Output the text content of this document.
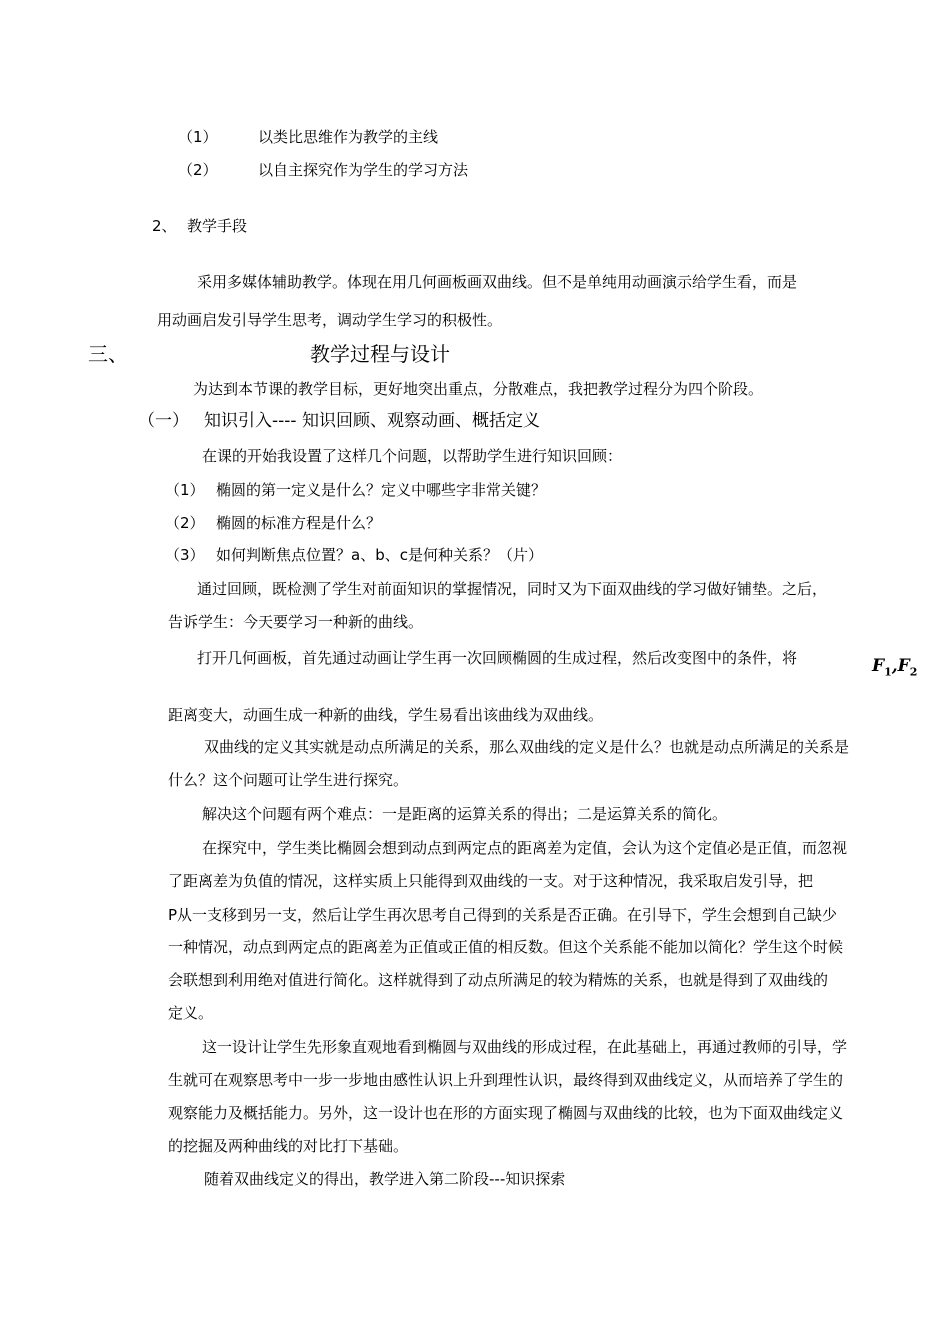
（1）	以类比思维作为教学的主线
（2）	以自主探究作为学生的学习方法
2、 教学手段
采用多媒体辅助教学。体现在用几何画板画双曲线。但不是单纯用动画演示给学生看，而是
用动画启发引导学生思考，调动学生学习的积极性。
三、	教学过程与设计
为达到本节课的教学目标，更好地突出重点，分散难点，我把教学过程分为四个阶段。
（一） 知识引入---- 知识回顾、观察动画、概括定义
在课的开始我设置了这样几个问题，以帮助学生进行知识回顾：
（1） 椭圆的第一定义是什么？定义中哪些字非常关键？
（2） 椭圆的标准方程是什么？
（3） 如何判断焦点位置？a、b、c是何种关系？（片）
通过回顾，既检测了学生对前面知识的掌握情况，同时又为下面双曲线的学习做好铺垫。之后，
告诉学生：今天要学习一种新的曲线。
打开几何画板，首先通过动画让学生再一次回顾椭圆的生成过程，然后改变图中的条件，将	$F_1,F_2$
距离变大，动画生成一种新的曲线，学生易看出该曲线为双曲线。
双曲线的定义其实就是动点所满足的关系，那么双曲线的定义是什么？也就是动点所满足的关系是
什么？这个问题可让学生进行探究。
解决这个问题有两个难点：一是距离的运算关系的得出；二是运算关系的简化。
在探究中，学生类比椭圆会想到动点到两定点的距离差为定值，会认为这个定值必是正值，而忽视
了距离差为负值的情况，这样实质上只能得到双曲线的一支。对于这种情况，我采取启发引导，把
P从一支移到另一支，然后让学生再次思考自己得到的关系是否正确。在引导下，学生会想到自己缺少
一种情况，动点到两定点的距离差为正值或正值的相反数。但这个关系能不能加以简化？学生这个时候
会联想到利用绝对值进行简化。这样就得到了动点所满足的较为精炼的关系，也就是得到了双曲线的
定义。
这一设计让学生先形象直观地看到椭圆与双曲线的形成过程，在此基础上，再通过教师的引导，学
生就可在观察思考中一步一步地由感性认识上升到理性认识，最终得到双曲线定义，从而培养了学生的
观察能力及概括能力。另外，这一设计也在形的方面实现了椭圆与双曲线的比较，也为下面双曲线定义
的挖掘及两种曲线的对比打下基础。
随着双曲线定义的得出，教学进入第二阶段---知识探索
